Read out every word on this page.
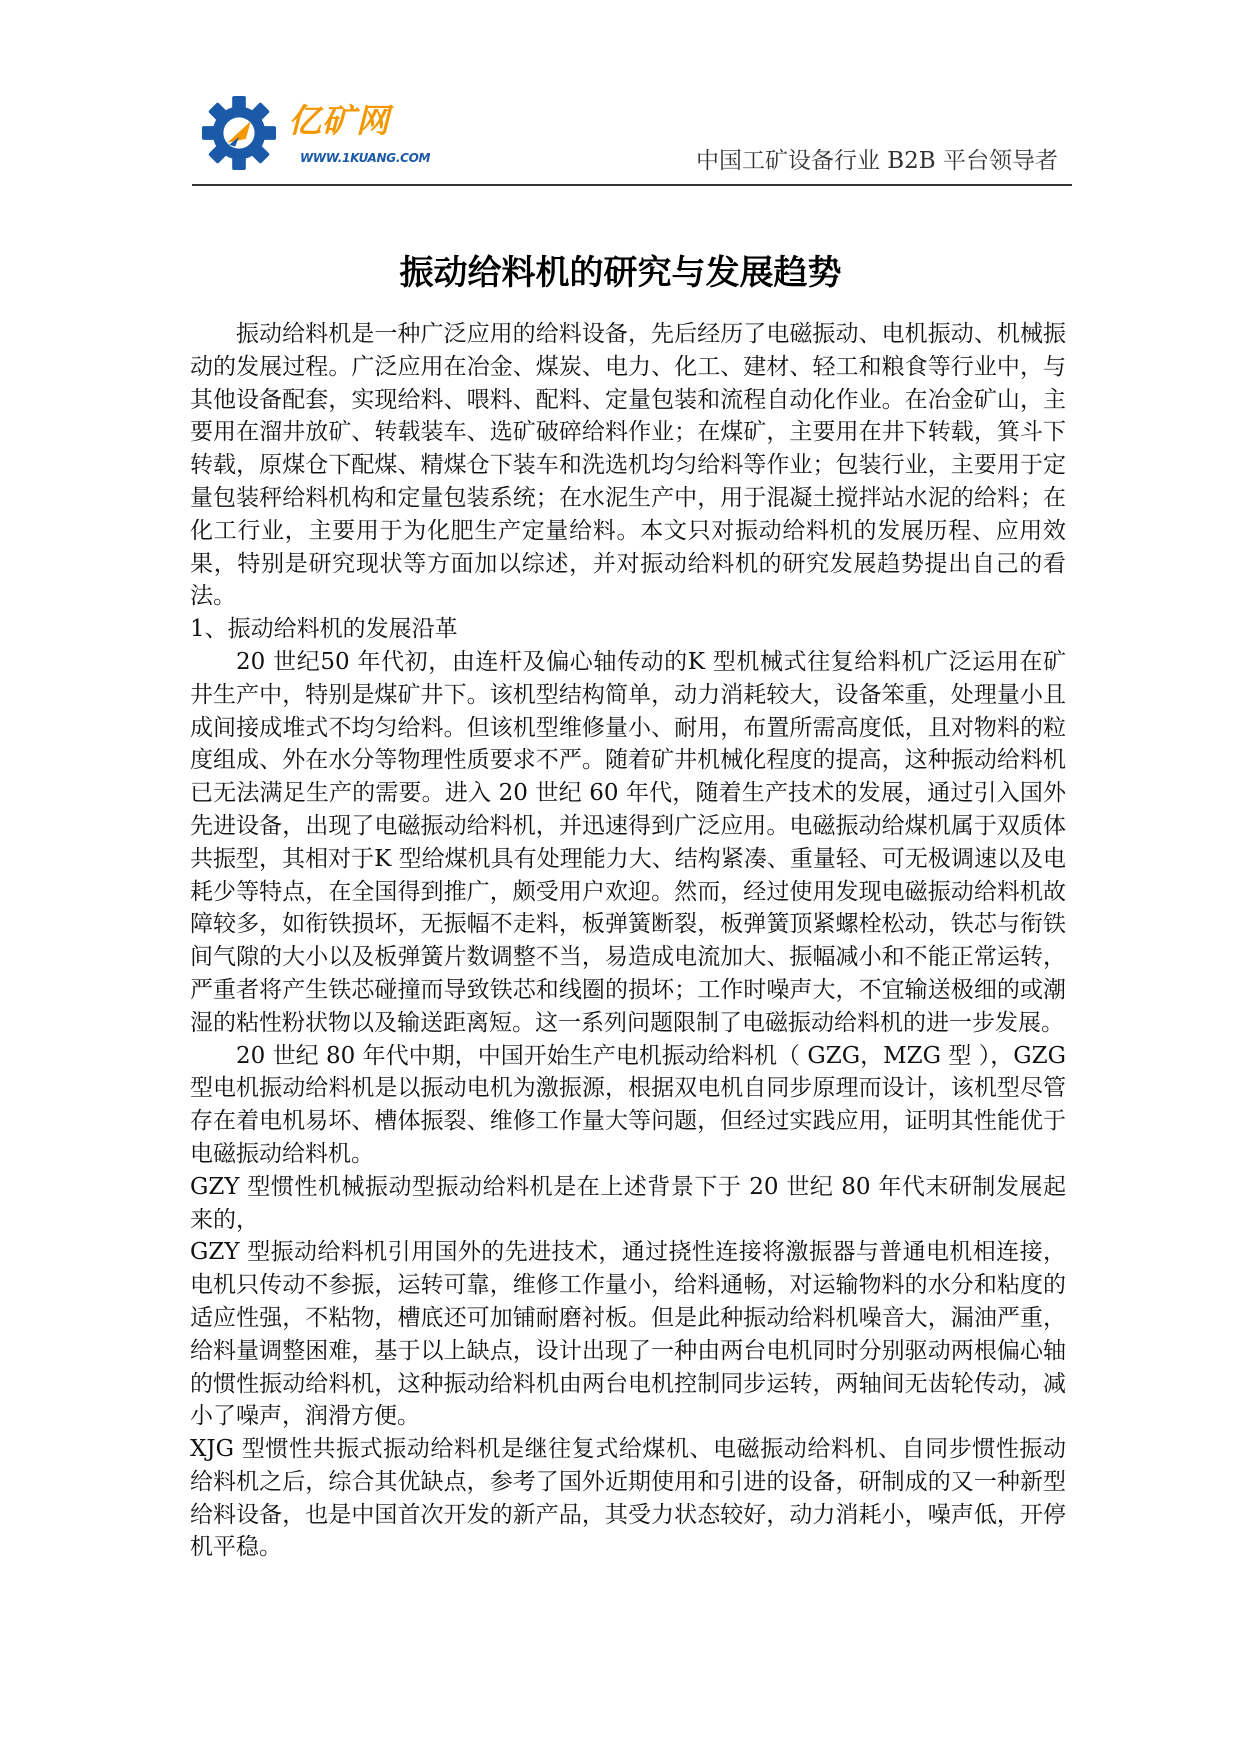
亿矿网
WWW.1KUANG.COM	中国工矿设备行业 B2B 平台领导者
振动给料机的研究与发展趋势

振动给料机是一种广泛应用的给料设备，先后经历了电磁振动、电机振动、机械振动的发展过程。广泛应用在冶金、煤炭、电力、化工、建材、轻工和粮食等行业中，与其他设备配套，实现给料、喂料、配料、定量包装和流程自动化作业。在冶金矿山，主要用在溜井放矿、转载装车、选矿破碎给料作业；在煤矿，主要用在井下转载，箕斗下转载，原煤仓下配煤、精煤仓下装车和洗选机均匀给料等作业；包装行业，主要用于定量包装秤给料机构和定量包装系统；在水泥生产中，用于混凝土搅拌站水泥的给料；在化工行业，主要用于为化肥生产定量给料。本文只对振动给料机的发展历程、应用效果，特别是研究现状等方面加以综述，并对振动给料机的研究发展趋势提出自己的看法。

1、振动给料机的发展沿革

20 世纪50 年代初，由连杆及偏心轴传动的K 型机械式往复给料机广泛运用在矿井生产中，特别是煤矿井下。该机型结构简单，动力消耗较大，设备笨重，处理量小且成间接成堆式不均匀给料。但该机型维修量小、耐用，布置所需高度低，且对物料的粒度组成、外在水分等物理性质要求不严。随着矿井机械化程度的提高，这种振动给料机已无法满足生产的需要。进入 20 世纪 60 年代，随着生产技术的发展，通过引入国外先进设备，出现了电磁振动给料机，并迅速得到广泛应用。电磁振动给煤机属于双质体共振型，其相对于K 型给煤机具有处理能力大、结构紧凑、重量轻、可无极调速以及电耗少等特点，在全国得到推广，颇受用户欢迎。然而，经过使用发现电磁振动给料机故障较多，如衔铁损坏，无振幅不走料，板弹簧断裂，板弹簧顶紧螺栓松动，铁芯与衔铁间气隙的大小以及板弹簧片数调整不当，易造成电流加大、振幅减小和不能正常运转，严重者将产生铁芯碰撞而导致铁芯和线圈的损坏；工作时噪声大，不宜输送极细的或潮湿的粘性粉状物以及输送距离短。这一系列问题限制了电磁振动给料机的进一步发展。

20 世纪 80 年代中期，中国开始生产电机振动给料机（ GZG，MZG 型 ），GZG 型电机振动给料机是以振动电机为激振源，根据双电机自同步原理而设计，该机型尽管存在着电机易坏、槽体振裂、维修工作量大等问题，但经过实践应用，证明其性能优于电磁振动给料机。

GZY 型惯性机械振动型振动给料机是在上述背景下于 20 世纪 80 年代末研制发展起来的，

GZY 型振动给料机引用国外的先进技术，通过挠性连接将激振器与普通电机相连接，电机只传动不参振，运转可靠，维修工作量小，给料通畅，对运输物料的水分和粘度的适应性强，不粘物，槽底还可加铺耐磨衬板。但是此种振动给料机噪音大，漏油严重，给料量调整困难，基于以上缺点，设计出现了一种由两台电机同时分别驱动两根偏心轴的惯性振动给料机，这种振动给料机由两台电机控制同步运转，两轴间无齿轮传动，减小了噪声，润滑方便。

XJG 型惯性共振式振动给料机是继往复式给煤机、电磁振动给料机、自同步惯性振动给料机之后，综合其优缺点，参考了国外近期使用和引进的设备，研制成的又一种新型给料设备，也是中国首次开发的新产品，其受力状态较好，动力消耗小，噪声低，开停机平稳。
